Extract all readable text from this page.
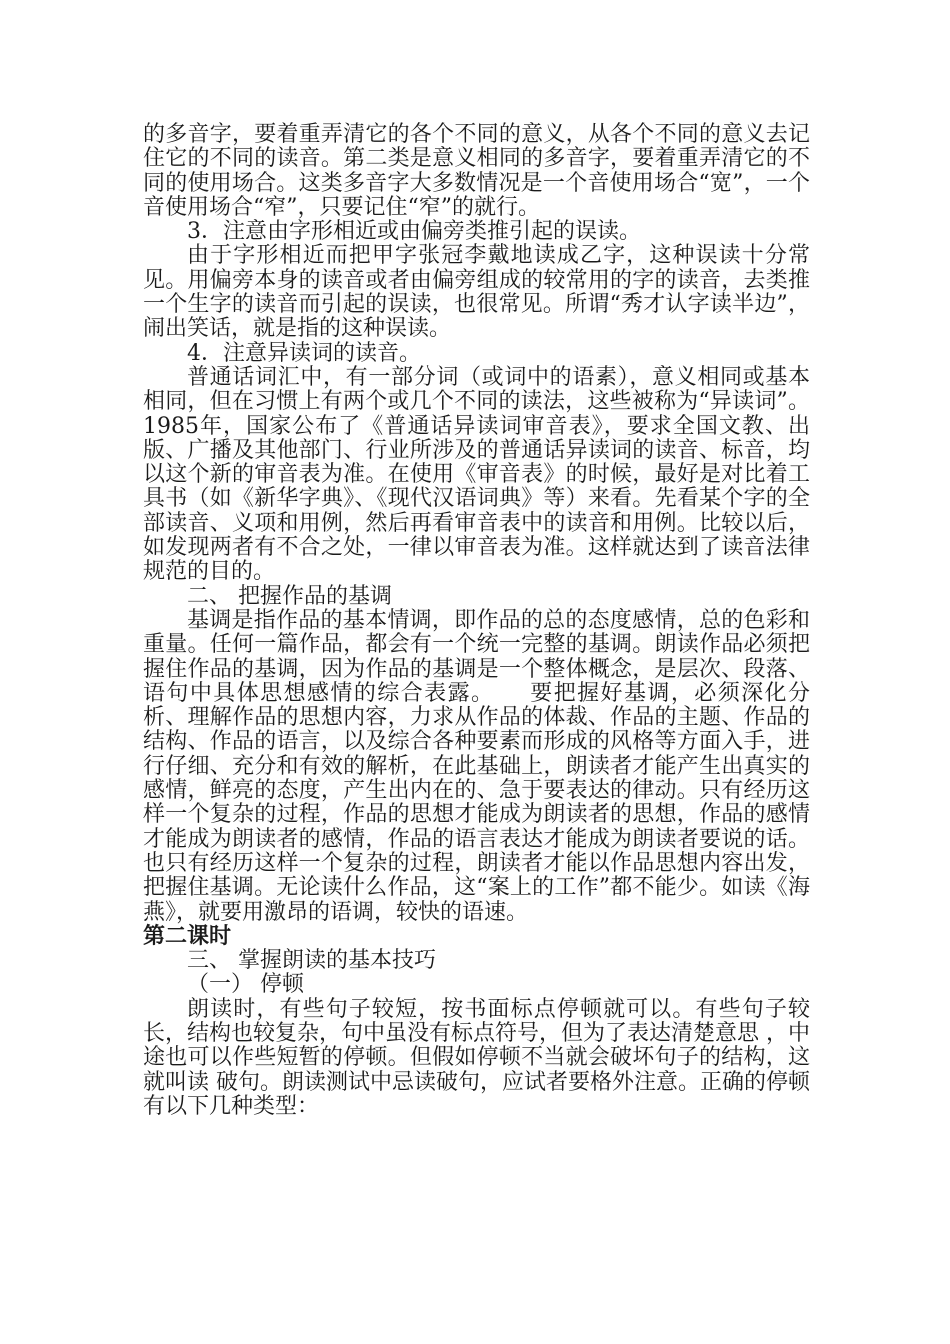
的多音字，要着重弄清它的各个不同的意义，从各个不同的意义去记住它的不同的读音。第二类是意义相同的多音字，要着重弄清它的不同的使用场合。这类多音字大多数情况是一个音使用场合“宽”，一个音使用场合“窄”，只要记住“窄”的就行。

3．注意由字形相近或由偏旁类推引起的误读。

由于字形相近而把甲字张冠李戴地读成乙字，这种误读十分常见。用偏旁本身的读音或者由偏旁组成的较常用的字的读音，去类推一个生字的读音而引起的误读，也很常见。所谓“秀才认字读半边”，闹出笑话，就是指的这种误读。

4．注意异读词的读音。

普通话词汇中，有一部分词（或词中的语素），意义相同或基本相同，但在习惯上有两个或几个不同的读法，这些被称为“异读词”。1985年，国家公布了《普通话异读词审音表》，要求全国文教、出版、广播及其他部门、行业所涉及的普通话异读词的读音、标音，均以这个新的审音表为准。在使用《审音表》的时候，最好是对比着工具书（如《新华字典》、《现代汉语词典》等）来看。先看某个字的全部读音、义项和用例，然后再看审音表中的读音和用例。比较以后，如发现两者有不合之处，一律以审音表为准。这样就达到了读音法律规范的目的。

二、 把握作品的基调

基调是指作品的基本情调，即作品的总的态度感情，总的色彩和重量。任何一篇作品，都会有一个统一完整的基调。朗读作品必须把握住作品的基调，因为作品的基调是一个整体概念，是层次、段落、语句中具体思想感情的综合表露。　　要把握好基调，必须深化分析、理解作品的思想内容，力求从作品的体裁、作品的主题、作品的结构、作品的语言，以及综合各种要素而形成的风格等方面入手，进行仔细、充分和有效的解析，在此基础上，朗读者才能产生出真实的感情，鲜亮的态度，产生出内在的、急于要表达的律动。只有经历这样一个复杂的过程，作品的思想才能成为朗读者的思想，作品的感情才能成为朗读者的感情，作品的语言表达才能成为朗读者要说的话。也只有经历这样一个复杂的过程，朗读者才能以作品思想内容出发，把握住基调。无论读什么作品，这“案上的工作”都不能少。如读《海燕》，就要用激昂的语调，较快的语速。

第二课时

三、 掌握朗读的基本技巧

（一） 停顿

朗读时，有些句子较短，按书面标点停顿就可以。有些句子较长，结构也较复杂，句中虽没有标点符号，但为了表达清楚意思 ，中途也可以作些短暂的停顿。但假如停顿不当就会破坏句子的结构，这就叫读 破句。朗读测试中忌读破句，应试者要格外注意。正确的停顿有以下几种类型：
